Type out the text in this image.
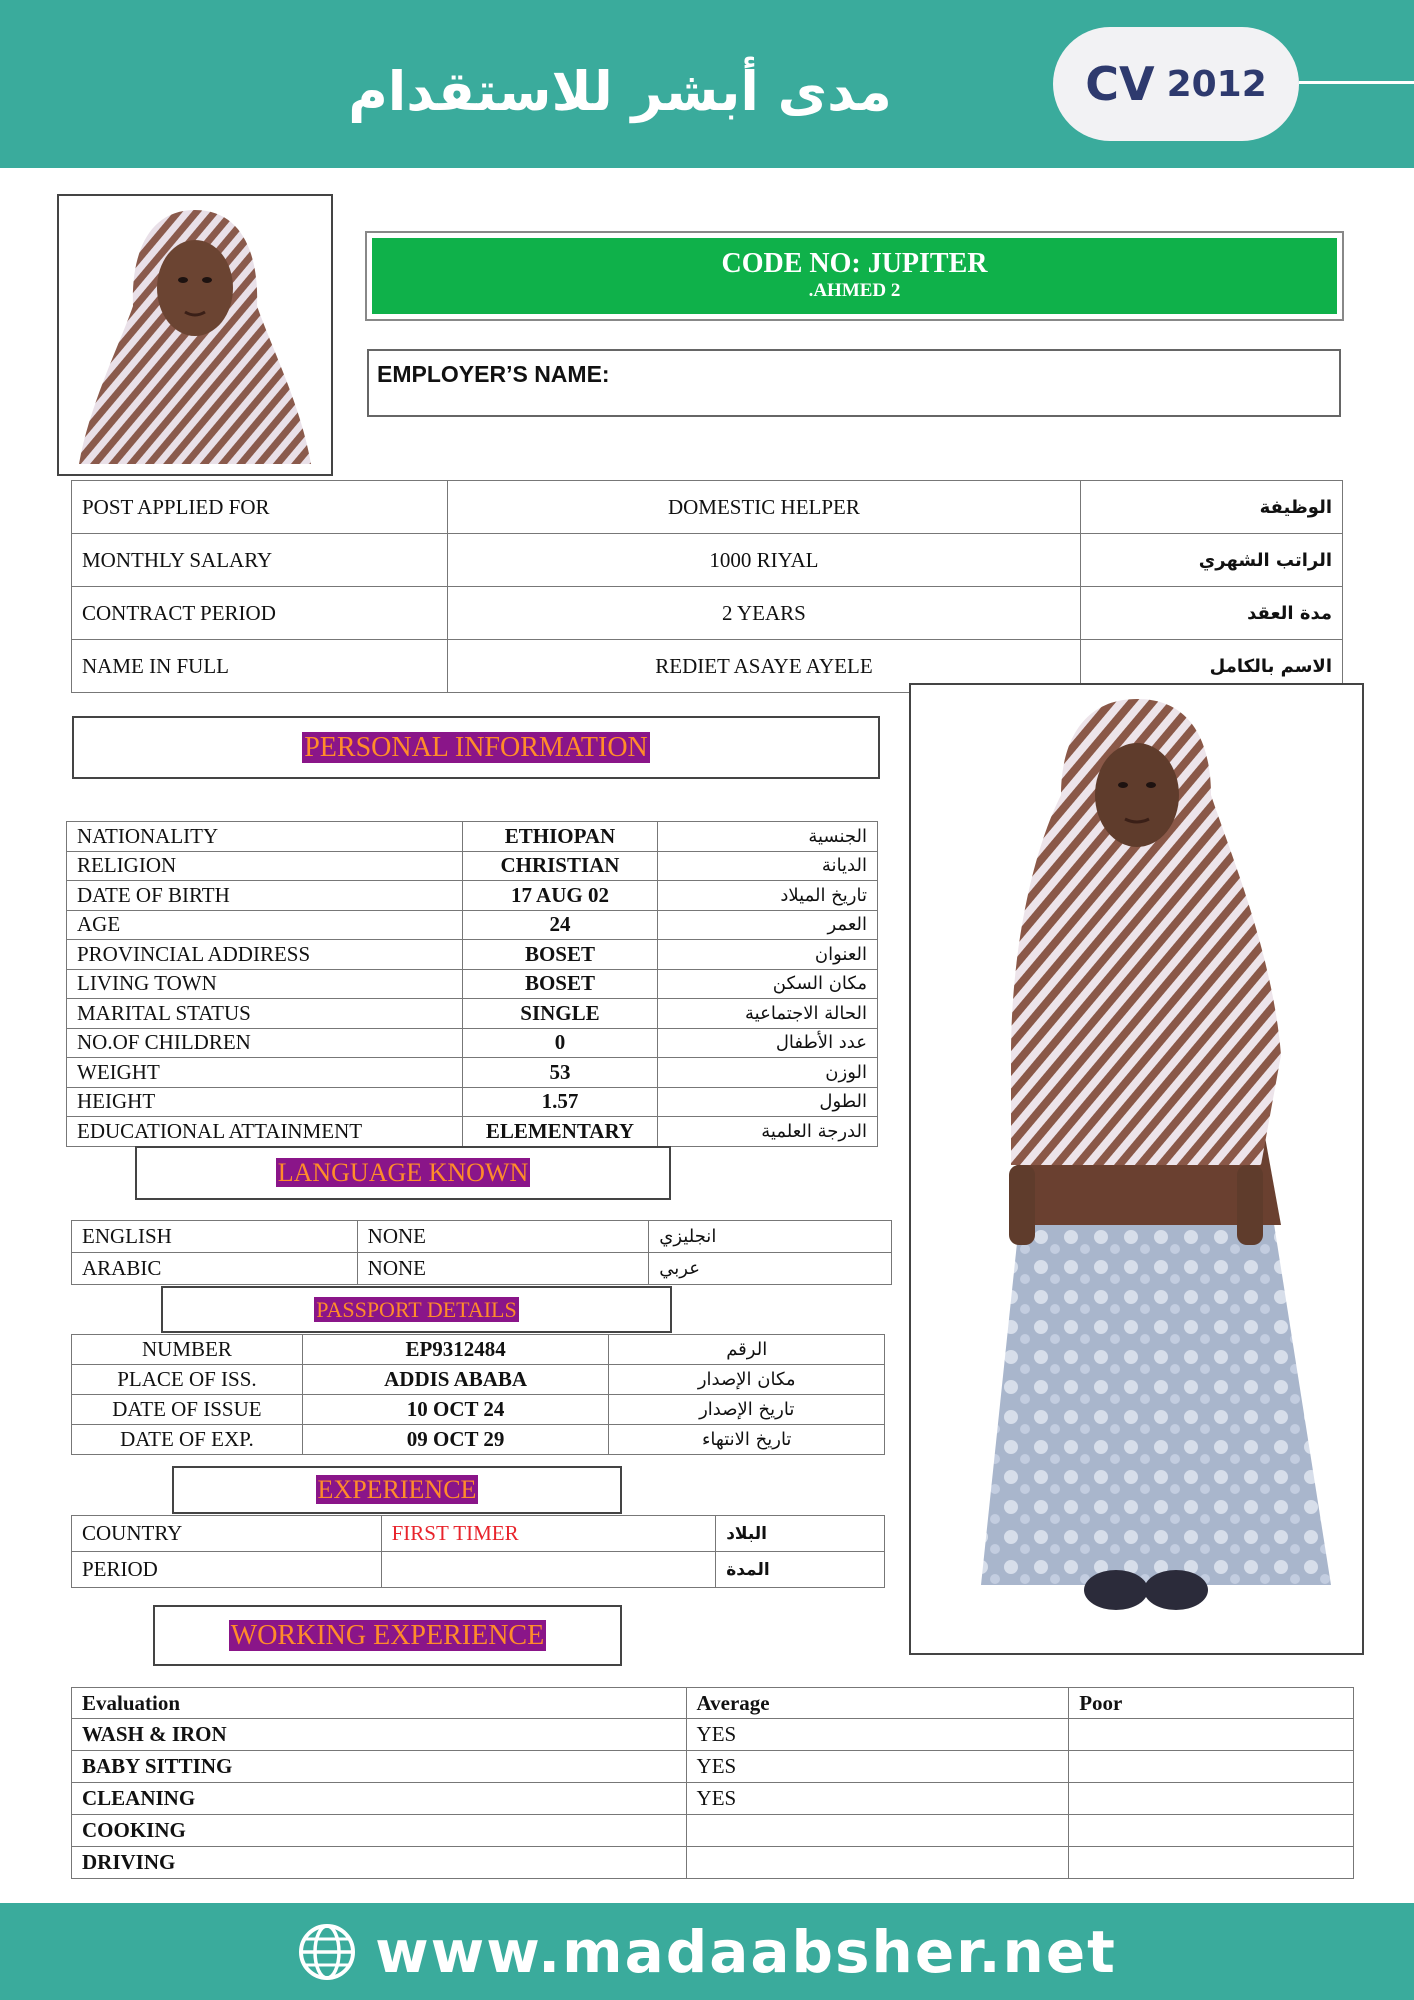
مدى أبشر للاستقدام	CV 2012
CODE NO: JUPITER
.AHMED 2
EMPLOYER’S NAME:
POST APPLIED FOR	DOMESTIC HELPER	الوظيفة
MONTHLY SALARY	1000 RIYAL	الراتب الشهري
CONTRACT PERIOD	2 YEARS	مدة العقد
NAME IN FULL	REDIET ASAYE AYELE	الاسم بالكامل
PERSONAL INFORMATION
NATIONALITY	ETHIOPAN	الجنسية
RELIGION	CHRISTIAN	الديانة
DATE OF BIRTH	17 AUG 02	تاريخ الميلاد
AGE	24	العمر
PROVINCIAL ADDIRESS	BOSET	العنوان
LIVING TOWN	BOSET	مكان السكن
MARITAL STATUS	SINGLE	الحالة الاجتماعية
NO.OF CHILDREN	0	عدد الأطفال
WEIGHT	53	الوزن
HEIGHT	1.57	الطول
EDUCATIONAL ATTAINMENT	ELEMENTARY	الدرجة العلمية
LANGUAGE KNOWN
ENGLISH	NONE	انجليزي
ARABIC	NONE	عربي
PASSPORT DETAILS
NUMBER	EP9312484	الرقم
PLACE OF ISS.	ADDIS ABABA	مكان الإصدار
DATE OF ISSUE	10 OCT 24	تاريخ الإصدار
DATE OF EXP.	09 OCT 29	تاريخ الانتهاء
EXPERIENCE
COUNTRY	FIRST TIMER	البلاد
PERIOD		المدة
WORKING EXPERIENCE
Evaluation	Average	Poor
WASH & IRON	YES	
BABY SITTING	YES	
CLEANING	YES	
COOKING		
DRIVING		
www.madaabsher.net
